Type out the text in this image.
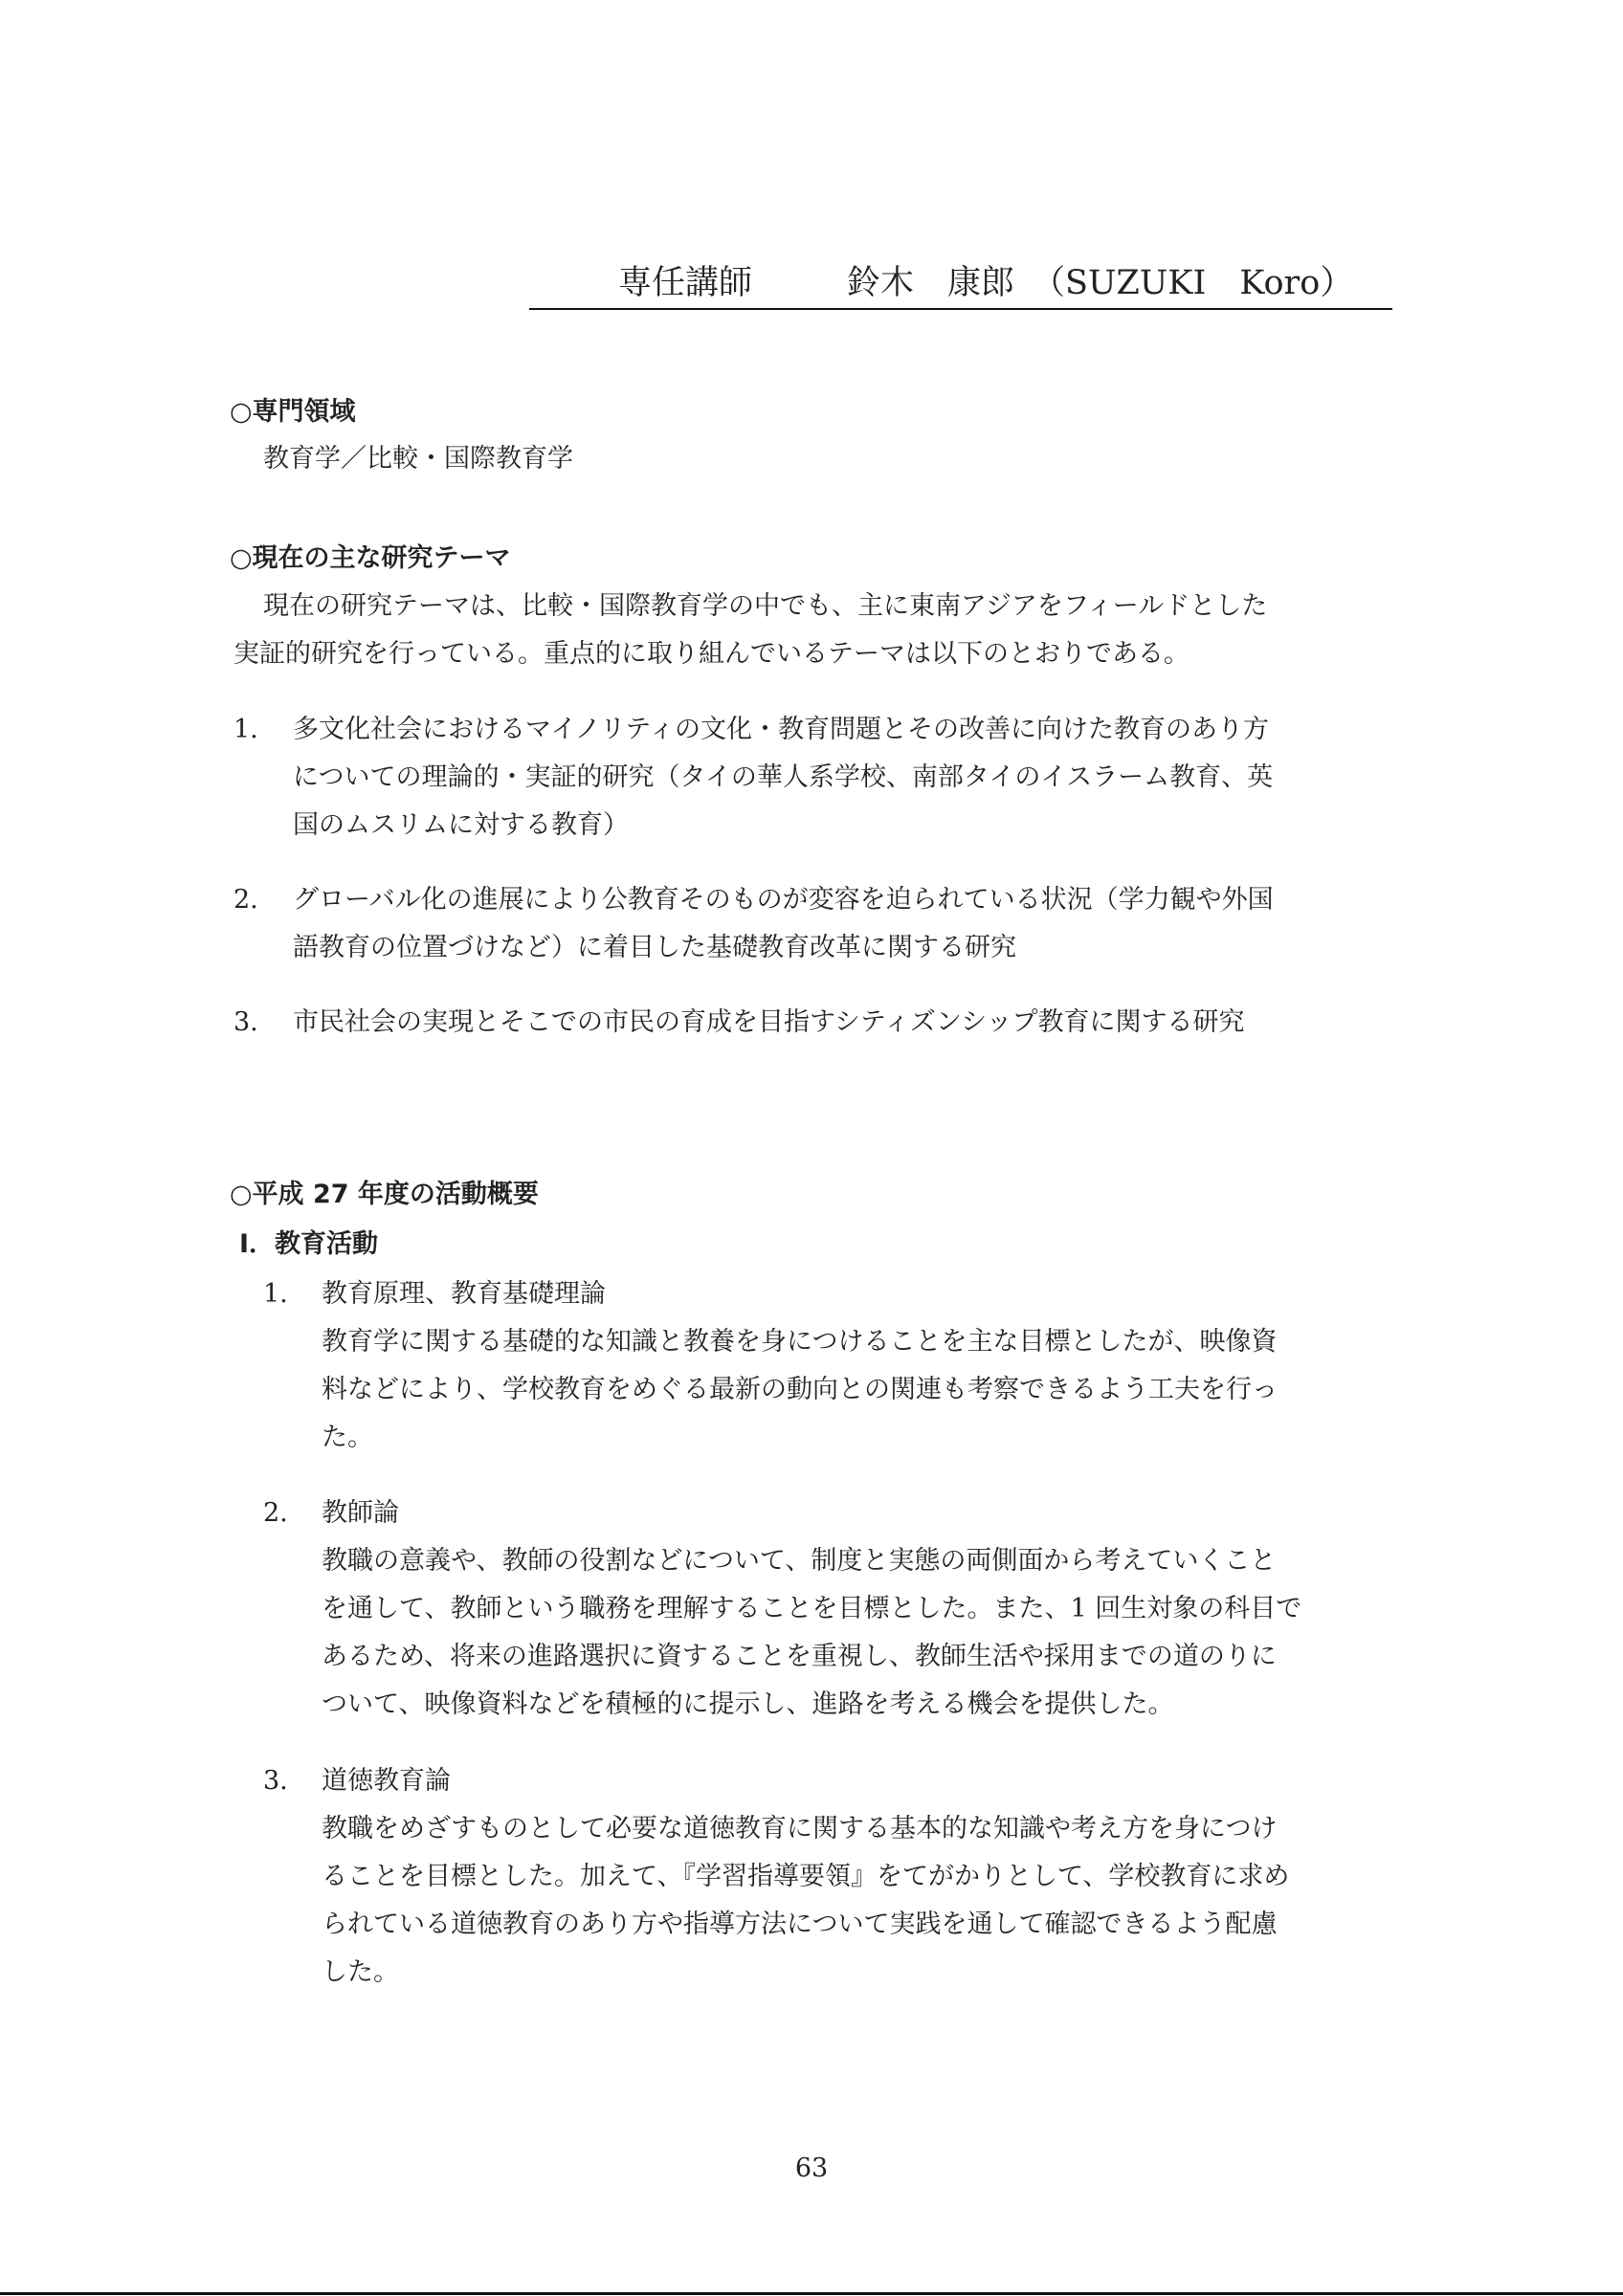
専任講師	鈴木　康郎 （SUZUKI　Koro）
○専門領域
教育学／比較・国際教育学
○現在の主な研究テーマ
現在の研究テーマは、比較・国際教育学の中でも、主に東南アジアをフィールドとした
実証的研究を行っている。重点的に取り組んでいるテーマは以下のとおりである。
1. 多文化社会におけるマイノリティの文化・教育問題とその改善に向けた教育のあり方
についての理論的・実証的研究（タイの華人系学校、南部タイのイスラーム教育、英
国のムスリムに対する教育）
2. グローバル化の進展により公教育そのものが変容を迫られている状況（学力観や外国
語教育の位置づけなど）に着目した基礎教育改革に関する研究
3. 市民社会の実現とそこでの市民の育成を目指すシティズンシップ教育に関する研究
○平成 27 年度の活動概要
Ⅰ．教育活動
1. 教育原理、教育基礎理論
教育学に関する基礎的な知識と教養を身につけることを主な目標としたが、映像資
料などにより、学校教育をめぐる最新の動向との関連も考察できるよう工夫を行っ
た。
2. 教師論
教職の意義や、教師の役割などについて、制度と実態の両側面から考えていくこと
を通して、教師という職務を理解することを目標とした。また、1 回生対象の科目で
あるため、将来の進路選択に資することを重視し、教師生活や採用までの道のりに
ついて、映像資料などを積極的に提示し、進路を考える機会を提供した。
3. 道徳教育論
教職をめざすものとして必要な道徳教育に関する基本的な知識や考え方を身につけ
ることを目標とした。加えて、『学習指導要領』をてがかりとして、学校教育に求め
られている道徳教育のあり方や指導方法について実践を通して確認できるよう配慮
した。
63
